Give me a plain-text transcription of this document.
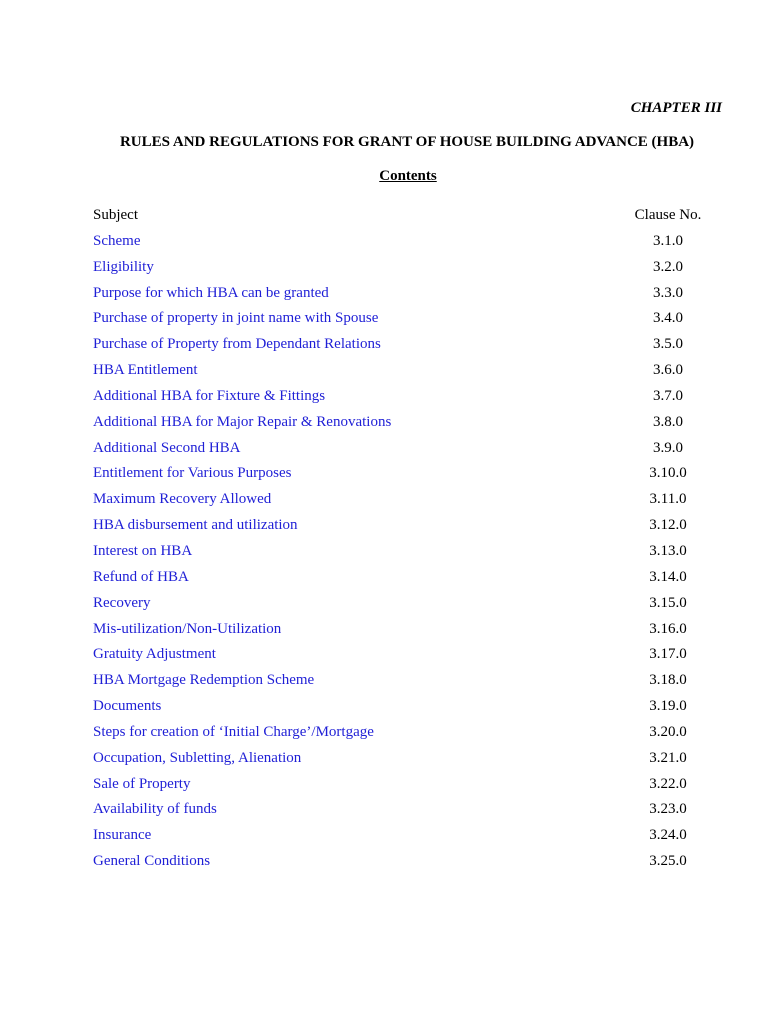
CHAPTER III

RULES AND REGULATIONS FOR GRANT OF HOUSE BUILDING ADVANCE (HBA)

Contents

Subject	Clause No.
Scheme	3.1.0
Eligibility	3.2.0
Purpose for which HBA can be granted	3.3.0
Purchase of property in joint name with Spouse	3.4.0
Purchase of Property from Dependant Relations	3.5.0
HBA Entitlement	3.6.0
Additional HBA for Fixture & Fittings	3.7.0
Additional HBA for Major Repair & Renovations	3.8.0
Additional Second HBA	3.9.0
Entitlement for Various Purposes	3.10.0
Maximum Recovery Allowed	3.11.0
HBA disbursement and utilization	3.12.0
Interest on HBA	3.13.0
Refund of HBA	3.14.0
Recovery	3.15.0
Mis-utilization/Non-Utilization	3.16.0
Gratuity Adjustment	3.17.0
HBA Mortgage Redemption Scheme	3.18.0
Documents	3.19.0
Steps for creation of ‘Initial Charge’/Mortgage	3.20.0
Occupation, Subletting, Alienation	3.21.0
Sale of Property	3.22.0
Availability of funds	3.23.0
Insurance	3.24.0
General Conditions	3.25.0
